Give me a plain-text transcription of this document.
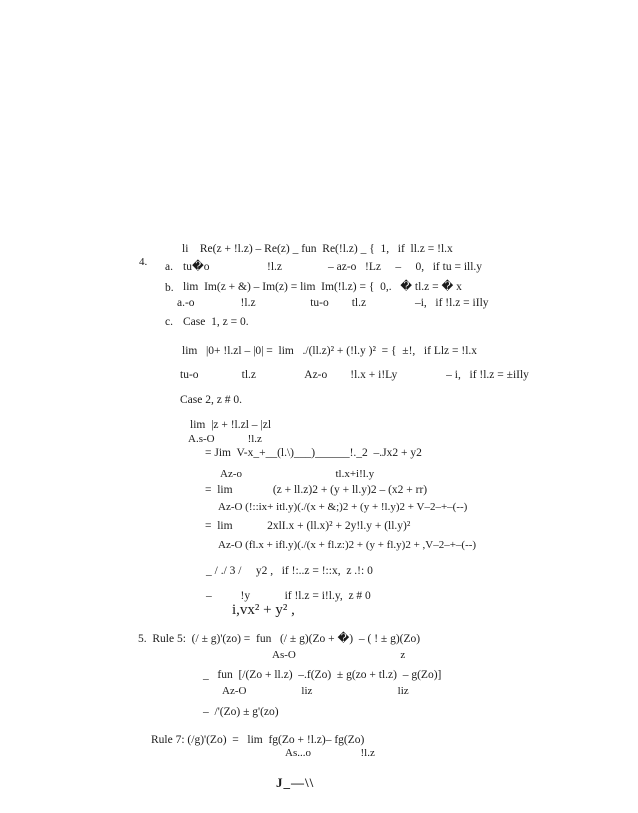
4.
li    Re(z + !l.z) – Re(z) _ fun  Re(!l.z) _ {  1,   if  ll.z = !l.x
a. tu�o                    !l.z                – az-o   !Lz     –     0,   if tu = ill.y
b. lim  Im(z + &) – Im(z) = lim  Im(!l.z) = {  0,.   � tl.z = � x
a.-o                !l.z                   tu-o        tl.z                 –i,   if !l.z = iIly
c. Case  1, z = 0.
lim   |0+ !l.zl – |0| =  lim   ./(ll.z)² + (!l.y )²  = {  ±!,   if Llz = !l.x
tu-o               tl.z                 Az-o        !l.x + i!Ly                 – i,   if !l.z = ±iIly
Case 2, z # 0.
lim  |z + !l.zl – |zl
A.s-O            !l.z
= Jim  V-x_+__(l.\)___)______!._2  –.Jx2 + y2
Az-o                                  tl.x+i!l.y
=  lim              (z + ll.z)2 + (y + ll.y)2 – (x2 + rr)
Az-O (!::ix+ itl.y)(./(x + &;)2 + (y + !l.y)2 + V–2–+–(--)
=  lim            2xlI.x + (ll.x)² + 2y!l.y + (ll.y)²
Az-O (fl.x + ifl.y)(./(x + fl.z:)2 + (y + fl.y)2 + ,V–2–+–(--)
_ / ./ 3 /     y2 ,   if !:..z = !::x,  z .!: 0
–          !y            if !l.z = i!l.y,  z # 0
i,vx² + y² ,
5.  Rule 5:  (/ ± g)'(zo) =  fun   (/ ± g)(Zo + �)  – ( ! ± g)(Zo)
As-O                                      z
_   fun  [/(Zo + ll.z)  –.f(Zo)  ± g(zo + tl.z)  – g(Zo)]
Az-O                    liz                               liz
–  /'(Zo) ± g'(zo)
Rule 7: (/g)'(Zo)  =   lim  fg(Zo + !l.z)– fg(Zo)
As...o                  !l.z
J_—\\
